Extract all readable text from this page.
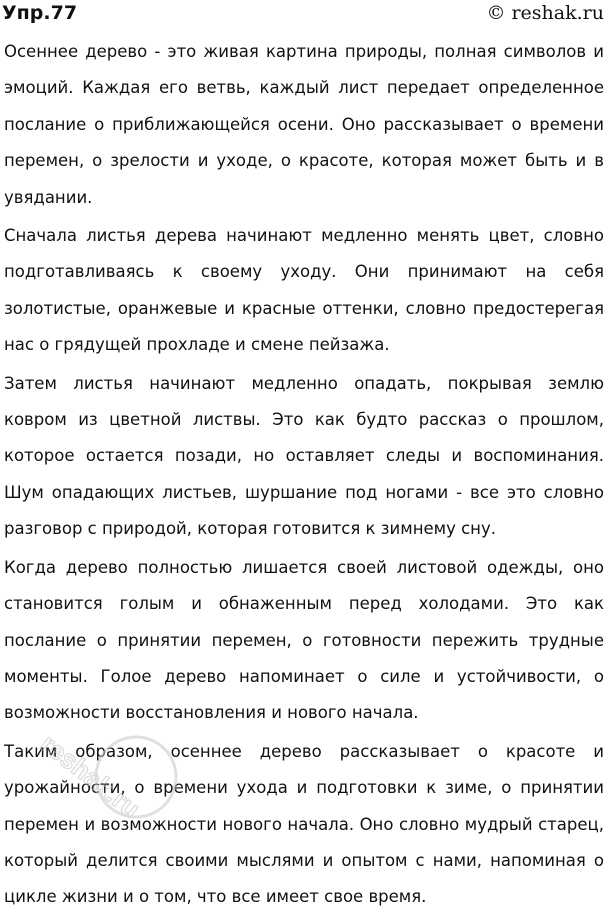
Упр.77	© reshak.ru

Осеннее дерево - это живая картина природы, полная символов и эмоций. Каждая его ветвь, каждый лист передает определенное послание о приближающейся осени. Оно рассказывает о времени перемен, о зрелости и уходе, о красоте, которая может быть и в увядании.

Сначала листья дерева начинают медленно менять цвет, словно подготавливаясь к своему уходу. Они принимают на себя золотистые, оранжевые и красные оттенки, словно предостерегая нас о грядущей прохладе и смене пейзажа.

Затем листья начинают медленно опадать, покрывая землю ковром из цветной листвы. Это как будто рассказ о прошлом, которое остается позади, но оставляет следы и воспоминания. Шум опадающих листьев, шуршание под ногами - все это словно разговор с природой, которая готовится к зимнему сну.

Когда дерево полностью лишается своей листовой одежды, оно становится голым и обнаженным перед холодами. Это как послание о принятии перемен, о готовности пережить трудные моменты. Голое дерево напоминает о силе и устойчивости, о возможности восстановления и нового начала.

Таким образом, осеннее дерево рассказывает о красоте и урожайности, о времени ухода и подготовки к зиме, о принятии перемен и возможности нового начала. Оно словно мудрый старец, который делится своими мыслями и опытом с нами, напоминая о цикле жизни и о том, что все имеет свое время.

reshak.ru
